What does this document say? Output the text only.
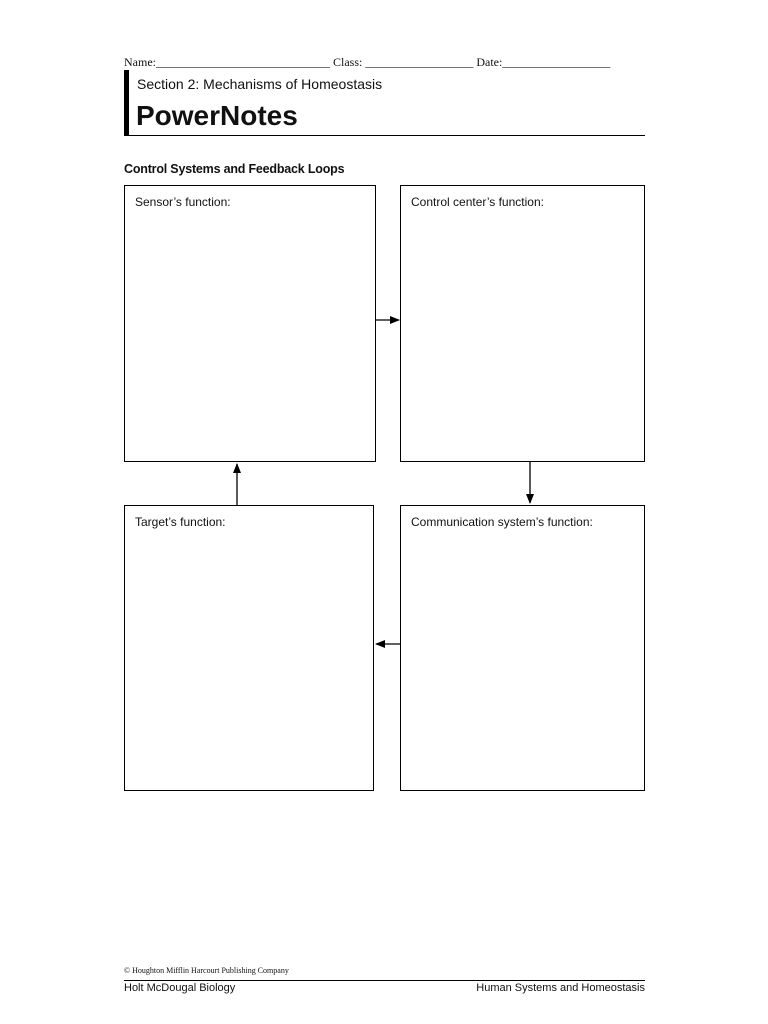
Name:_____________________________ Class: __________________ Date:__________________
Section 2: Mechanisms of Homeostasis
PowerNotes
Control Systems and Feedback Loops
Sensor’s function:	Control center’s function:
Target’s function:	Communication system’s function:
© Houghton Mifflin Harcourt Publishing Company
Holt McDougal Biology	Human Systems and Homeostasis
